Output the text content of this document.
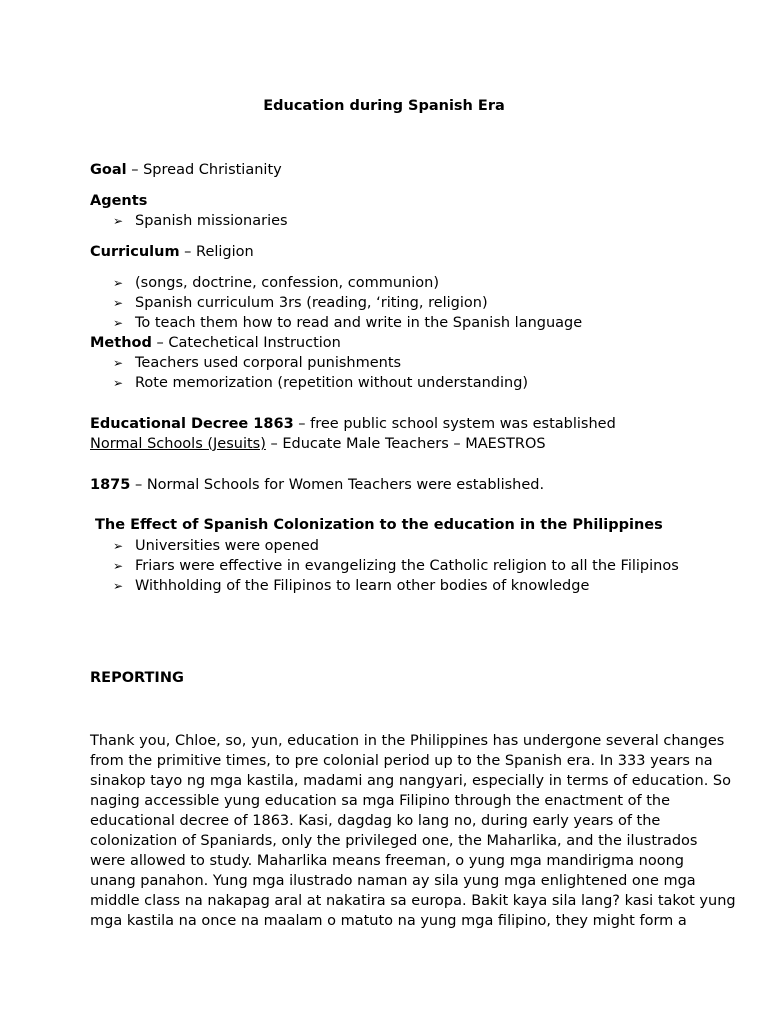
Education during Spanish Era
Goal – Spread Christianity
Agents
➢ Spanish missionaries
Curriculum – Religion
➢ (songs, doctrine, confession, communion)
➢ Spanish curriculum 3rs (reading, ‘riting, religion)
➢ To teach them how to read and write in the Spanish language
Method – Catechetical Instruction
➢ Teachers used corporal punishments
➢ Rote memorization (repetition without understanding)
Educational Decree 1863 – free public school system was established
Normal Schools (Jesuits) – Educate Male Teachers – MAESTROS
1875 – Normal Schools for Women Teachers were established.
The Effect of Spanish Colonization to the education in the Philippines
➢ Universities were opened
➢ Friars were effective in evangelizing the Catholic religion to all the Filipinos
➢ Withholding of the Filipinos to learn other bodies of knowledge
REPORTING
Thank you, Chloe, so, yun, education in the Philippines has undergone several changes
from the primitive times, to pre colonial period up to the Spanish era. In 333 years na
sinakop tayo ng mga kastila, madami ang nangyari, especially in terms of education. So
naging accessible yung education sa mga Filipino through the enactment of the
educational decree of 1863. Kasi, dagdag ko lang no, during early years of the
colonization of Spaniards, only the privileged one, the Maharlika, and the ilustrados
were allowed to study. Maharlika means freeman, o yung mga mandirigma noong
unang panahon. Yung mga ilustrado naman ay sila yung mga enlightened one mga
middle class na nakapag aral at nakatira sa europa. Bakit kaya sila lang? kasi takot yung
mga kastila na once na maalam o matuto na yung mga filipino, they might form a
